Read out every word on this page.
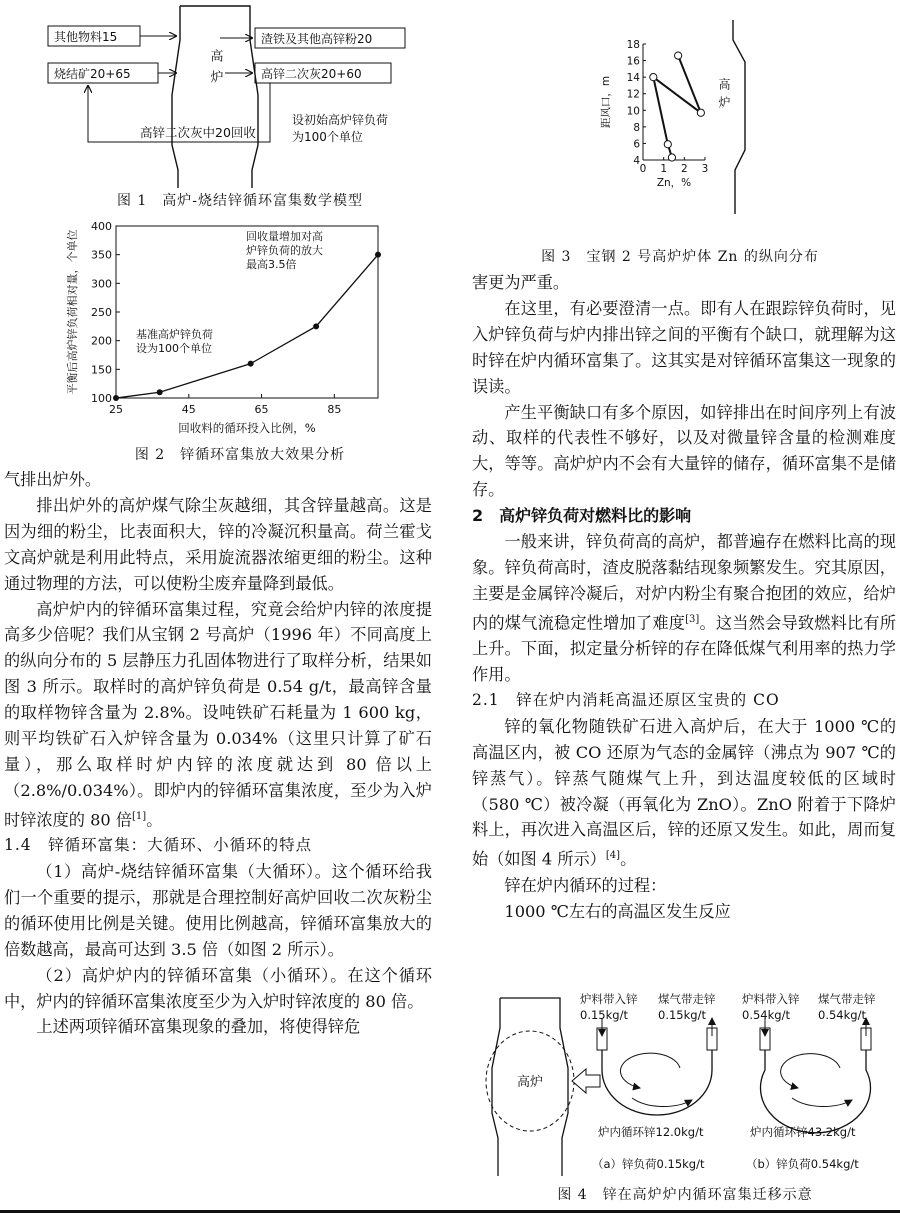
高炉
其他物料15
烧结矿20+65
渣铁及其他高锌粉20
高锌二次灰20+60
高锌二次灰中20回收
设初始高炉锌负荷
为100个单位
图 1　高炉-烧结锌循环富集数学模型
100
150
200
250
300
350
400
25	45	65	85
回收料的循环投入比例，%
平衡后高炉锌负荷相对量，个单位	回收量增加对高
炉锌负荷的放大
最高3.5倍
基准高炉锌负荷
设为100个单位
图 2　锌循环富集放大效果分析
4
6
8
10
12
14
16
18
0 1 2 3
Zn，%
距风口，m	高炉
图 3　宝钢 2 号高炉炉体 Zn 的纵向分布

气排出炉外。

排出炉外的高炉煤气除尘灰越细，其含锌量越高。这是因为细的粉尘，比表面积大，锌的冷凝沉积量高。荷兰霍戈文高炉就是利用此特点，采用旋流器浓缩更细的粉尘。这种通过物理的方法，可以使粉尘废弃量降到最低。

高炉炉内的锌循环富集过程，究竟会给炉内锌的浓度提高多少倍呢？我们从宝钢 2 号高炉（1996 年）不同高度上的纵向分布的 5 层静压力孔固体物进行了取样分析，结果如图 3 所示。取样时的高炉锌负荷是 0.54 g/t，最高锌含量的取样物锌含量为 2.8%。设吨铁矿石耗量为 1 600 kg，则平均铁矿石入炉锌含量为 0.034%（这里只计算了矿石量），那么取样时炉内锌的浓度就达到 80 倍以上（2.8%/0.034%）。即炉内的锌循环富集浓度，至少为入炉时锌浓度的 80 倍[1]。

1.4　锌循环富集：大循环、小循环的特点

（1）高炉-烧结锌循环富集（大循环）。这个循环给我们一个重要的提示，那就是合理控制好高炉回收二次灰粉尘的循环使用比例是关键。使用比例越高，锌循环富集放大的倍数越高，最高可达到 3.5 倍（如图 2 所示）。

（2）高炉炉内的锌循环富集（小循环）。在这个循环中，炉内的锌循环富集浓度至少为入炉时锌浓度的 80 倍。

上述两项锌循环富集现象的叠加，将使得锌危

害更为严重。

在这里，有必要澄清一点。即有人在跟踪锌负荷时，见入炉锌负荷与炉内排出锌之间的平衡有个缺口，就理解为这时锌在炉内循环富集了。这其实是对锌循环富集这一现象的误读。

产生平衡缺口有多个原因，如锌排出在时间序列上有波动、取样的代表性不够好，以及对微量锌含量的检测难度大，等等。高炉炉内不会有大量锌的储存，循环富集不是储存。

2　高炉锌负荷对燃料比的影响

一般来讲，锌负荷高的高炉，都普遍存在燃料比高的现象。锌负荷高时，渣皮脱落黏结现象频繁发生。究其原因，主要是金属锌冷凝后，对炉内粉尘有聚合抱团的效应，给炉内的煤气流稳定性增加了难度[3]。这当然会导致燃料比有所上升。下面，拟定量分析锌的存在降低煤气利用率的热力学作用。

2.1　锌在炉内消耗高温还原区宝贵的 CO

锌的氧化物随铁矿石进入高炉后，在大于 1000 ℃的高温区内，被 CO 还原为气态的金属锌（沸点为 907 ℃的锌蒸气）。锌蒸气随煤气上升，到达温度较低的区域时（580 ℃）被冷凝（再氧化为 ZnO）。ZnO 附着于下降炉料上，再次进入高温区后，锌的还原又发生。如此，周而复始（如图 4 所示）[4]。

锌在炉内循环的过程：

1000 ℃左右的高温区发生反应

高炉
炉料带入锌
0.15kg/t
煤气带走锌
0.15kg/t
炉内循环锌12.0kg/t
（a）锌负荷0.15kg/t
炉料带入锌
0.54kg/t
煤气带走锌
0.54kg/t
炉内循环锌43.2kg/t
（b）锌负荷0.54kg/t
图 4　锌在高炉炉内循环富集迁移示意
